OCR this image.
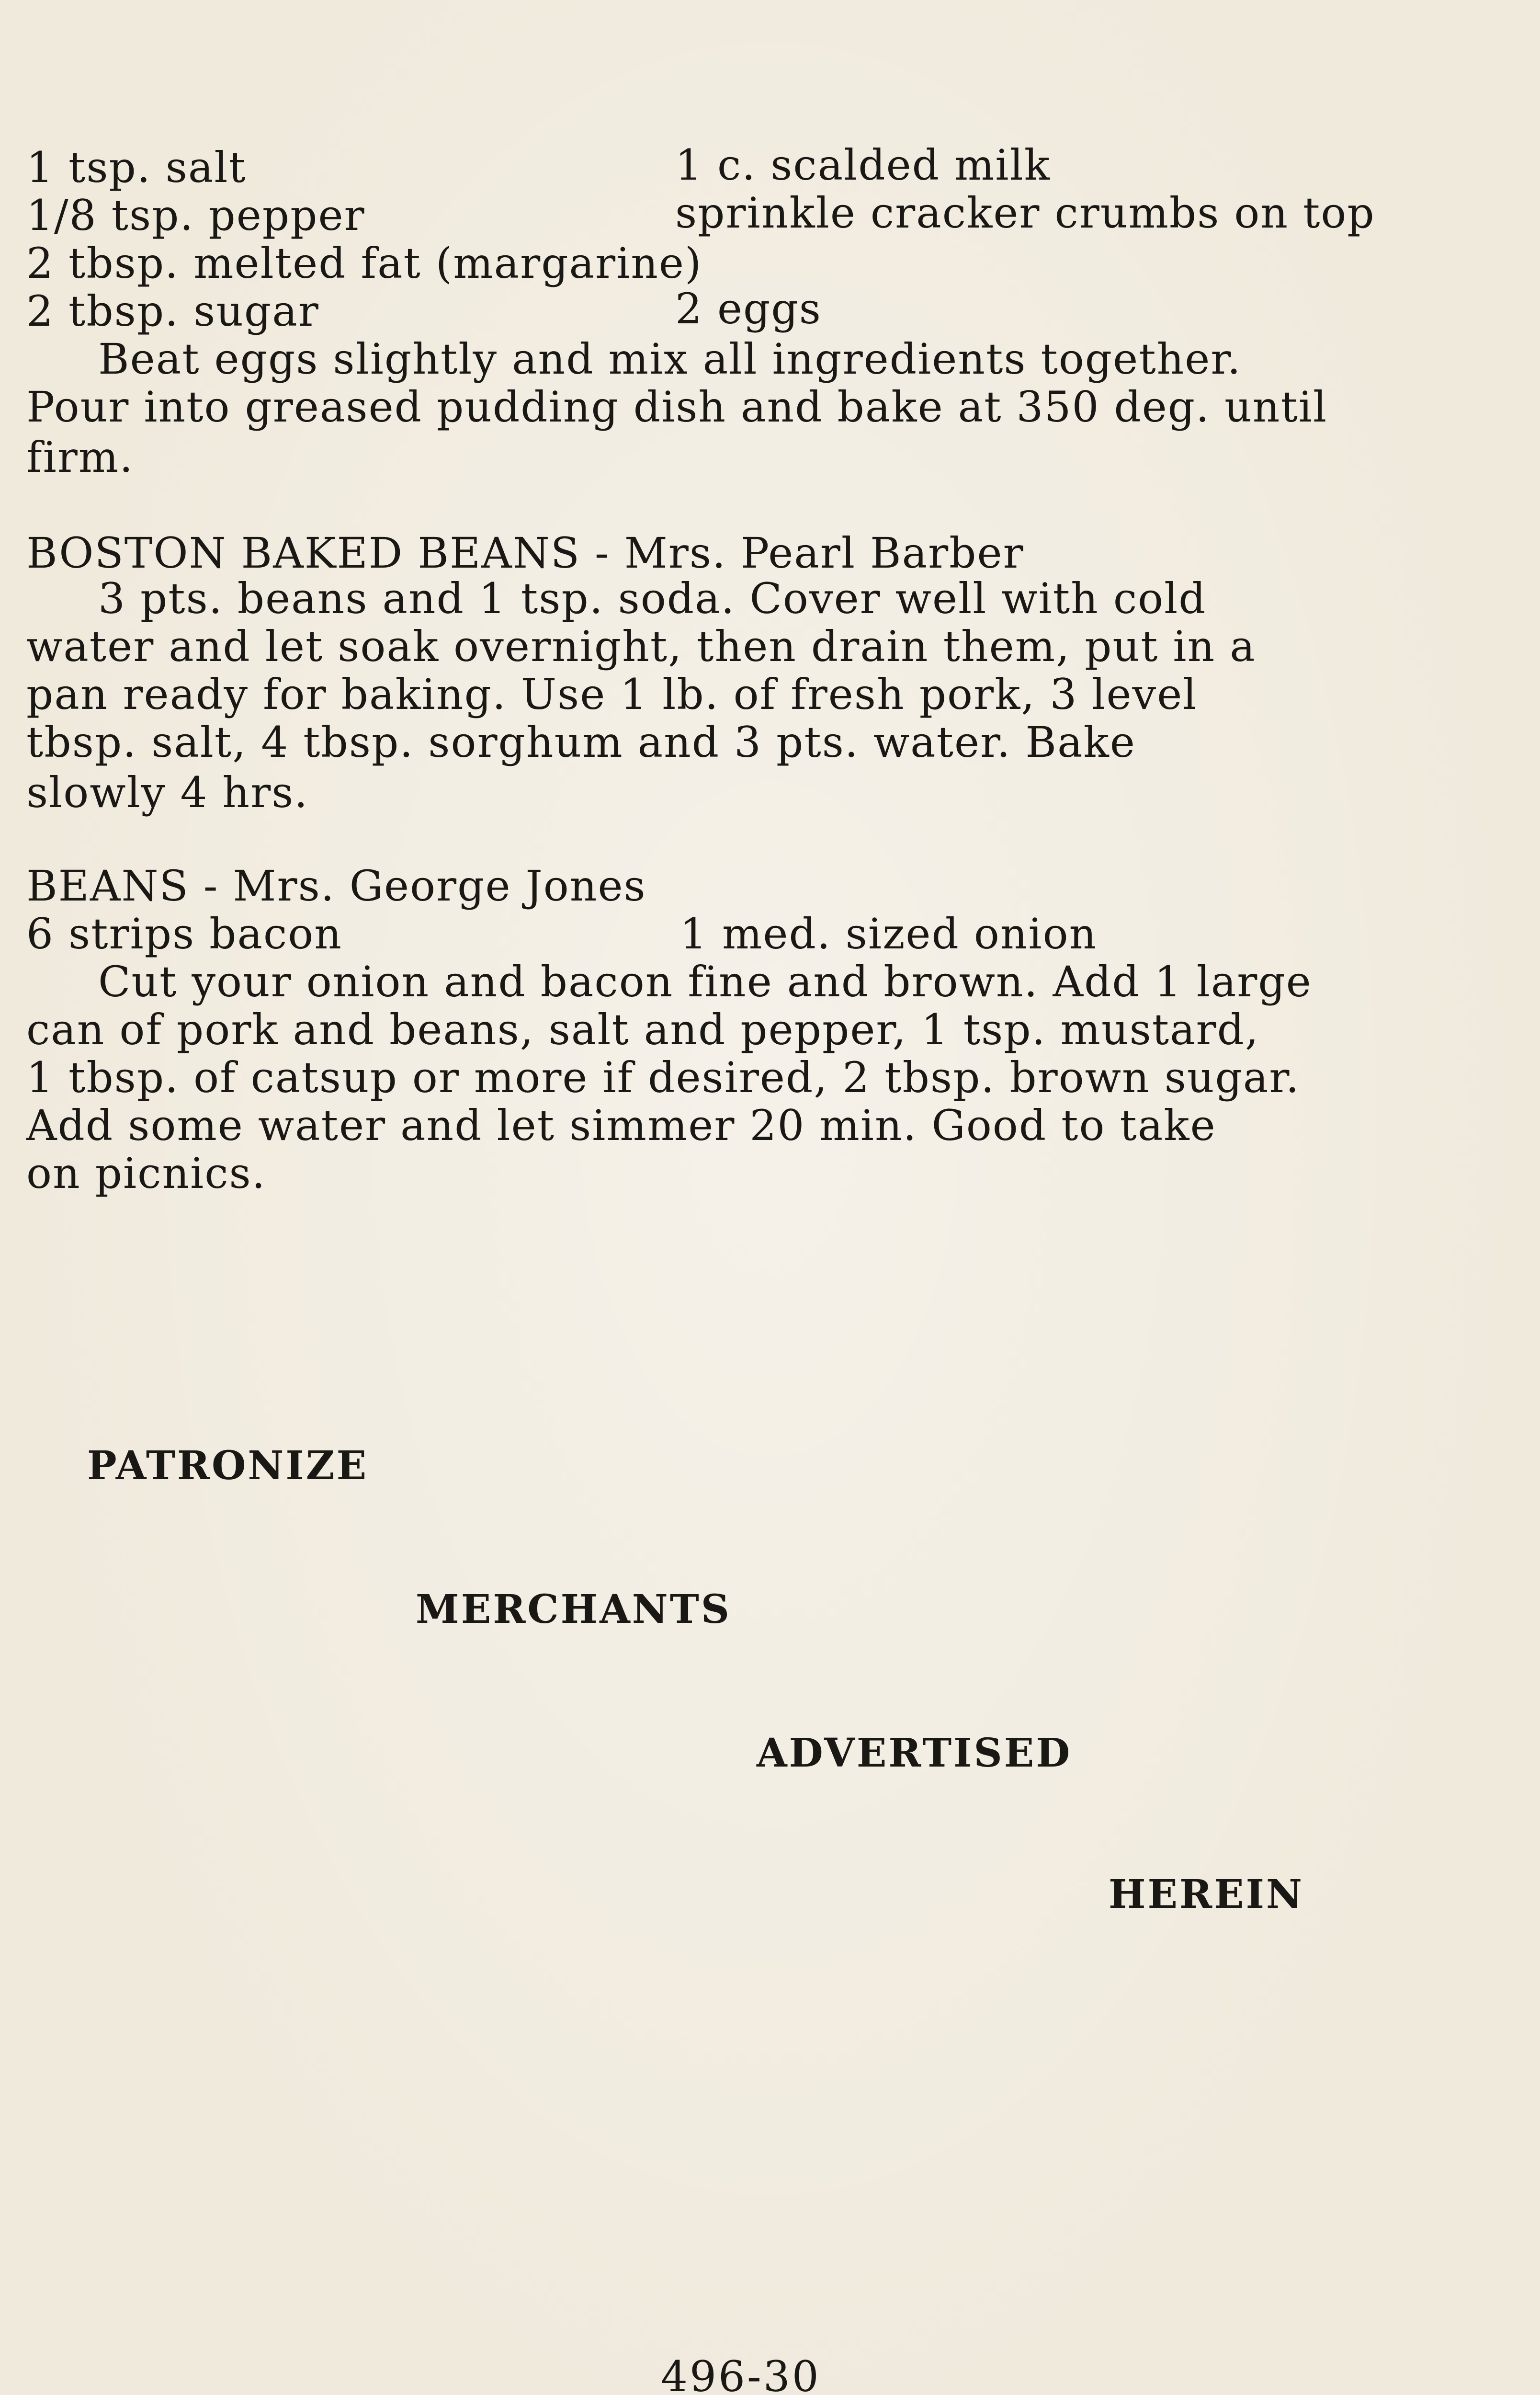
1 tsp. salt	1 c. scalded milk
1/8 tsp. pepper	sprinkle cracker crumbs on top
2 tbsp. melted fat (margarine)
2 tbsp. sugar	2 eggs
Beat eggs slightly and mix all ingredients together.
Pour into greased pudding dish and bake at 350 deg. until
firm.
BOSTON BAKED BEANS - Mrs. Pearl Barber
3 pts. beans and 1 tsp. soda. Cover well with cold
water and let soak overnight, then drain them, put in a
pan ready for baking. Use 1 lb. of fresh pork, 3 level
tbsp. salt, 4 tbsp. sorghum and 3 pts. water. Bake
slowly 4 hrs.
BEANS - Mrs. George Jones
6 strips bacon	1 med. sized onion
Cut your onion and bacon fine and brown. Add 1 large
can of pork and beans, salt and pepper, 1 tsp. mustard,
1 tbsp. of catsup or more if desired, 2 tbsp. brown sugar.
Add some water and let simmer 20 min. Good to take
on picnics.
PATRONIZE
MERCHANTS
ADVERTISED
HEREIN
496-30
